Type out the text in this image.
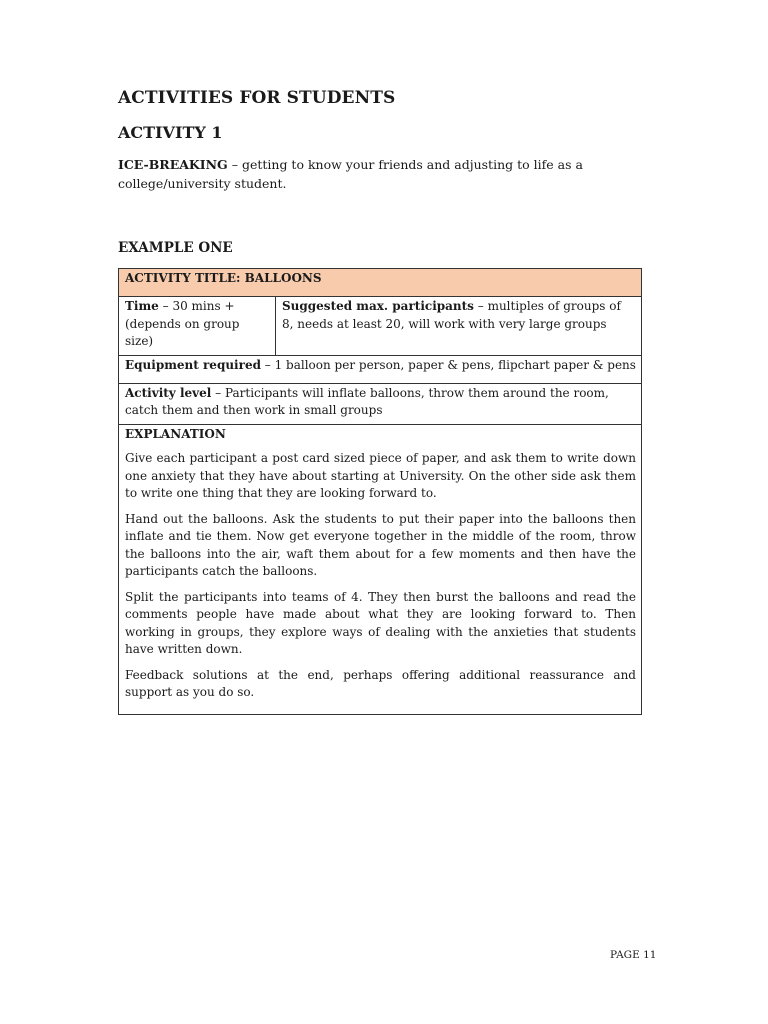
ACTIVITIES FOR STUDENTS
ACTIVITY 1

ICE-BREAKING – getting to know your friends and adjusting to life as a college/university student.

EXAMPLE ONE
ACTIVITY TITLE: BALLOONS
Time – 30 mins + (depends on group size)	Suggested max. participants – multiples of groups of 8, needs at least 20, will work with very large groups
Equipment required – 1 balloon per person, paper & pens, flipchart paper & pens
Activity level – Participants will inflate balloons, throw them around the room, catch them and then work in small groups

EXPLANATION

Give each participant a post card sized piece of paper, and ask them to write down one anxiety that they have about starting at University. On the other side ask them to write one thing that they are looking forward to.

Hand out the balloons. Ask the students to put their paper into the balloons then inflate and tie them. Now get everyone together in the middle of the room, throw the balloons into the air, waft them about for a few moments and then have the participants catch the balloons.

Split the participants into teams of 4. They then burst the balloons and read the comments people have made about what they are looking forward to. Then working in groups, they explore ways of dealing with the anxieties that students have written down.

Feedback solutions at the end, perhaps offering additional reassurance and support as you do so.

PAGE 11
